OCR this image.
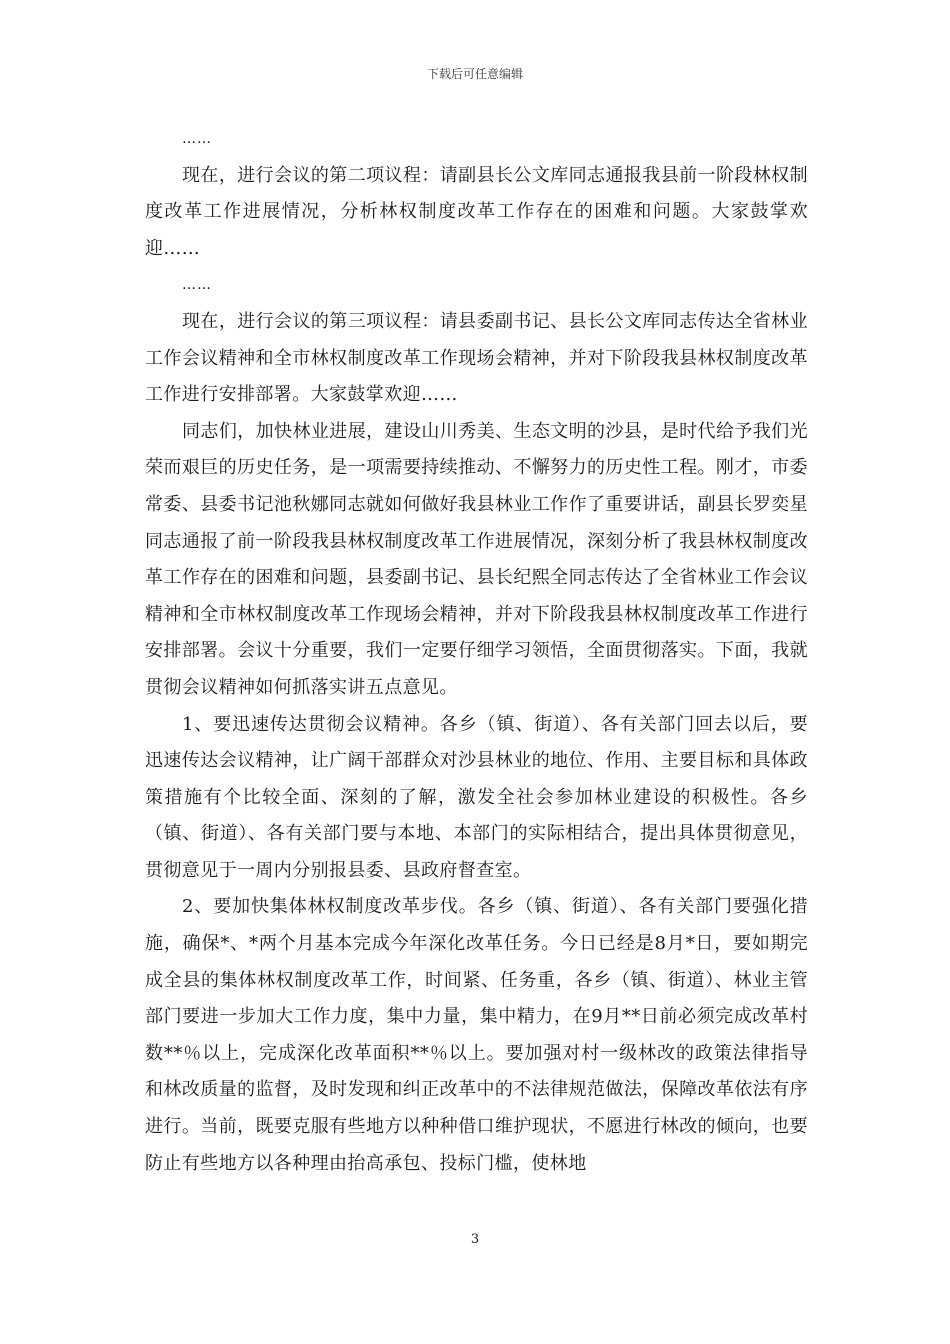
下载后可任意编辑

……

现在，进行会议的第二项议程：请副县长公文库同志通报我县前一阶段林权制度改革工作进展情况，分析林权制度改革工作存在的困难和问题。大家鼓掌欢迎……

……

现在，进行会议的第三项议程：请县委副书记、县长公文库同志传达全省林业工作会议精神和全市林权制度改革工作现场会精神，并对下阶段我县林权制度改革工作进行安排部署。大家鼓掌欢迎……

同志们，加快林业进展，建设山川秀美、生态文明的沙县，是时代给予我们光荣而艰巨的历史任务，是一项需要持续推动、不懈努力的历史性工程。刚才，市委常委、县委书记池秋娜同志就如何做好我县林业工作作了重要讲话，副县长罗奕星同志通报了前一阶段我县林权制度改革工作进展情况，深刻分析了我县林权制度改革工作存在的困难和问题，县委副书记、县长纪熙全同志传达了全省林业工作会议精神和全市林权制度改革工作现场会精神，并对下阶段我县林权制度改革工作进行安排部署。会议十分重要，我们一定要仔细学习领悟，全面贯彻落实。下面，我就贯彻会议精神如何抓落实讲五点意见。

1、要迅速传达贯彻会议精神。各乡（镇、街道）、各有关部门回去以后，要迅速传达会议精神，让广阔干部群众对沙县林业的地位、作用、主要目标和具体政策措施有个比较全面、深刻的了解，激发全社会参加林业建设的积极性。各乡（镇、街道）、各有关部门要与本地、本部门的实际相结合，提出具体贯彻意见，贯彻意见于一周内分别报县委、县政府督查室。

2、要加快集体林权制度改革步伐。各乡（镇、街道）、各有关部门要强化措施，确保*、*两个月基本完成今年深化改革任务。今日已经是8月*日，要如期完成全县的集体林权制度改革工作，时间紧、任务重，各乡（镇、街道）、林业主管部门要进一步加大工作力度，集中力量，集中精力，在9月**日前必须完成改革村数**％以上，完成深化改革面积**％以上。要加强对村一级林改的政策法律指导和林改质量的监督，及时发现和纠正改革中的不法律规范做法，保障改革依法有序进行。当前，既要克服有些地方以种种借口维护现状，不愿进行林改的倾向，也要防止有些地方以各种理由抬高承包、投标门槛，使林地

3
